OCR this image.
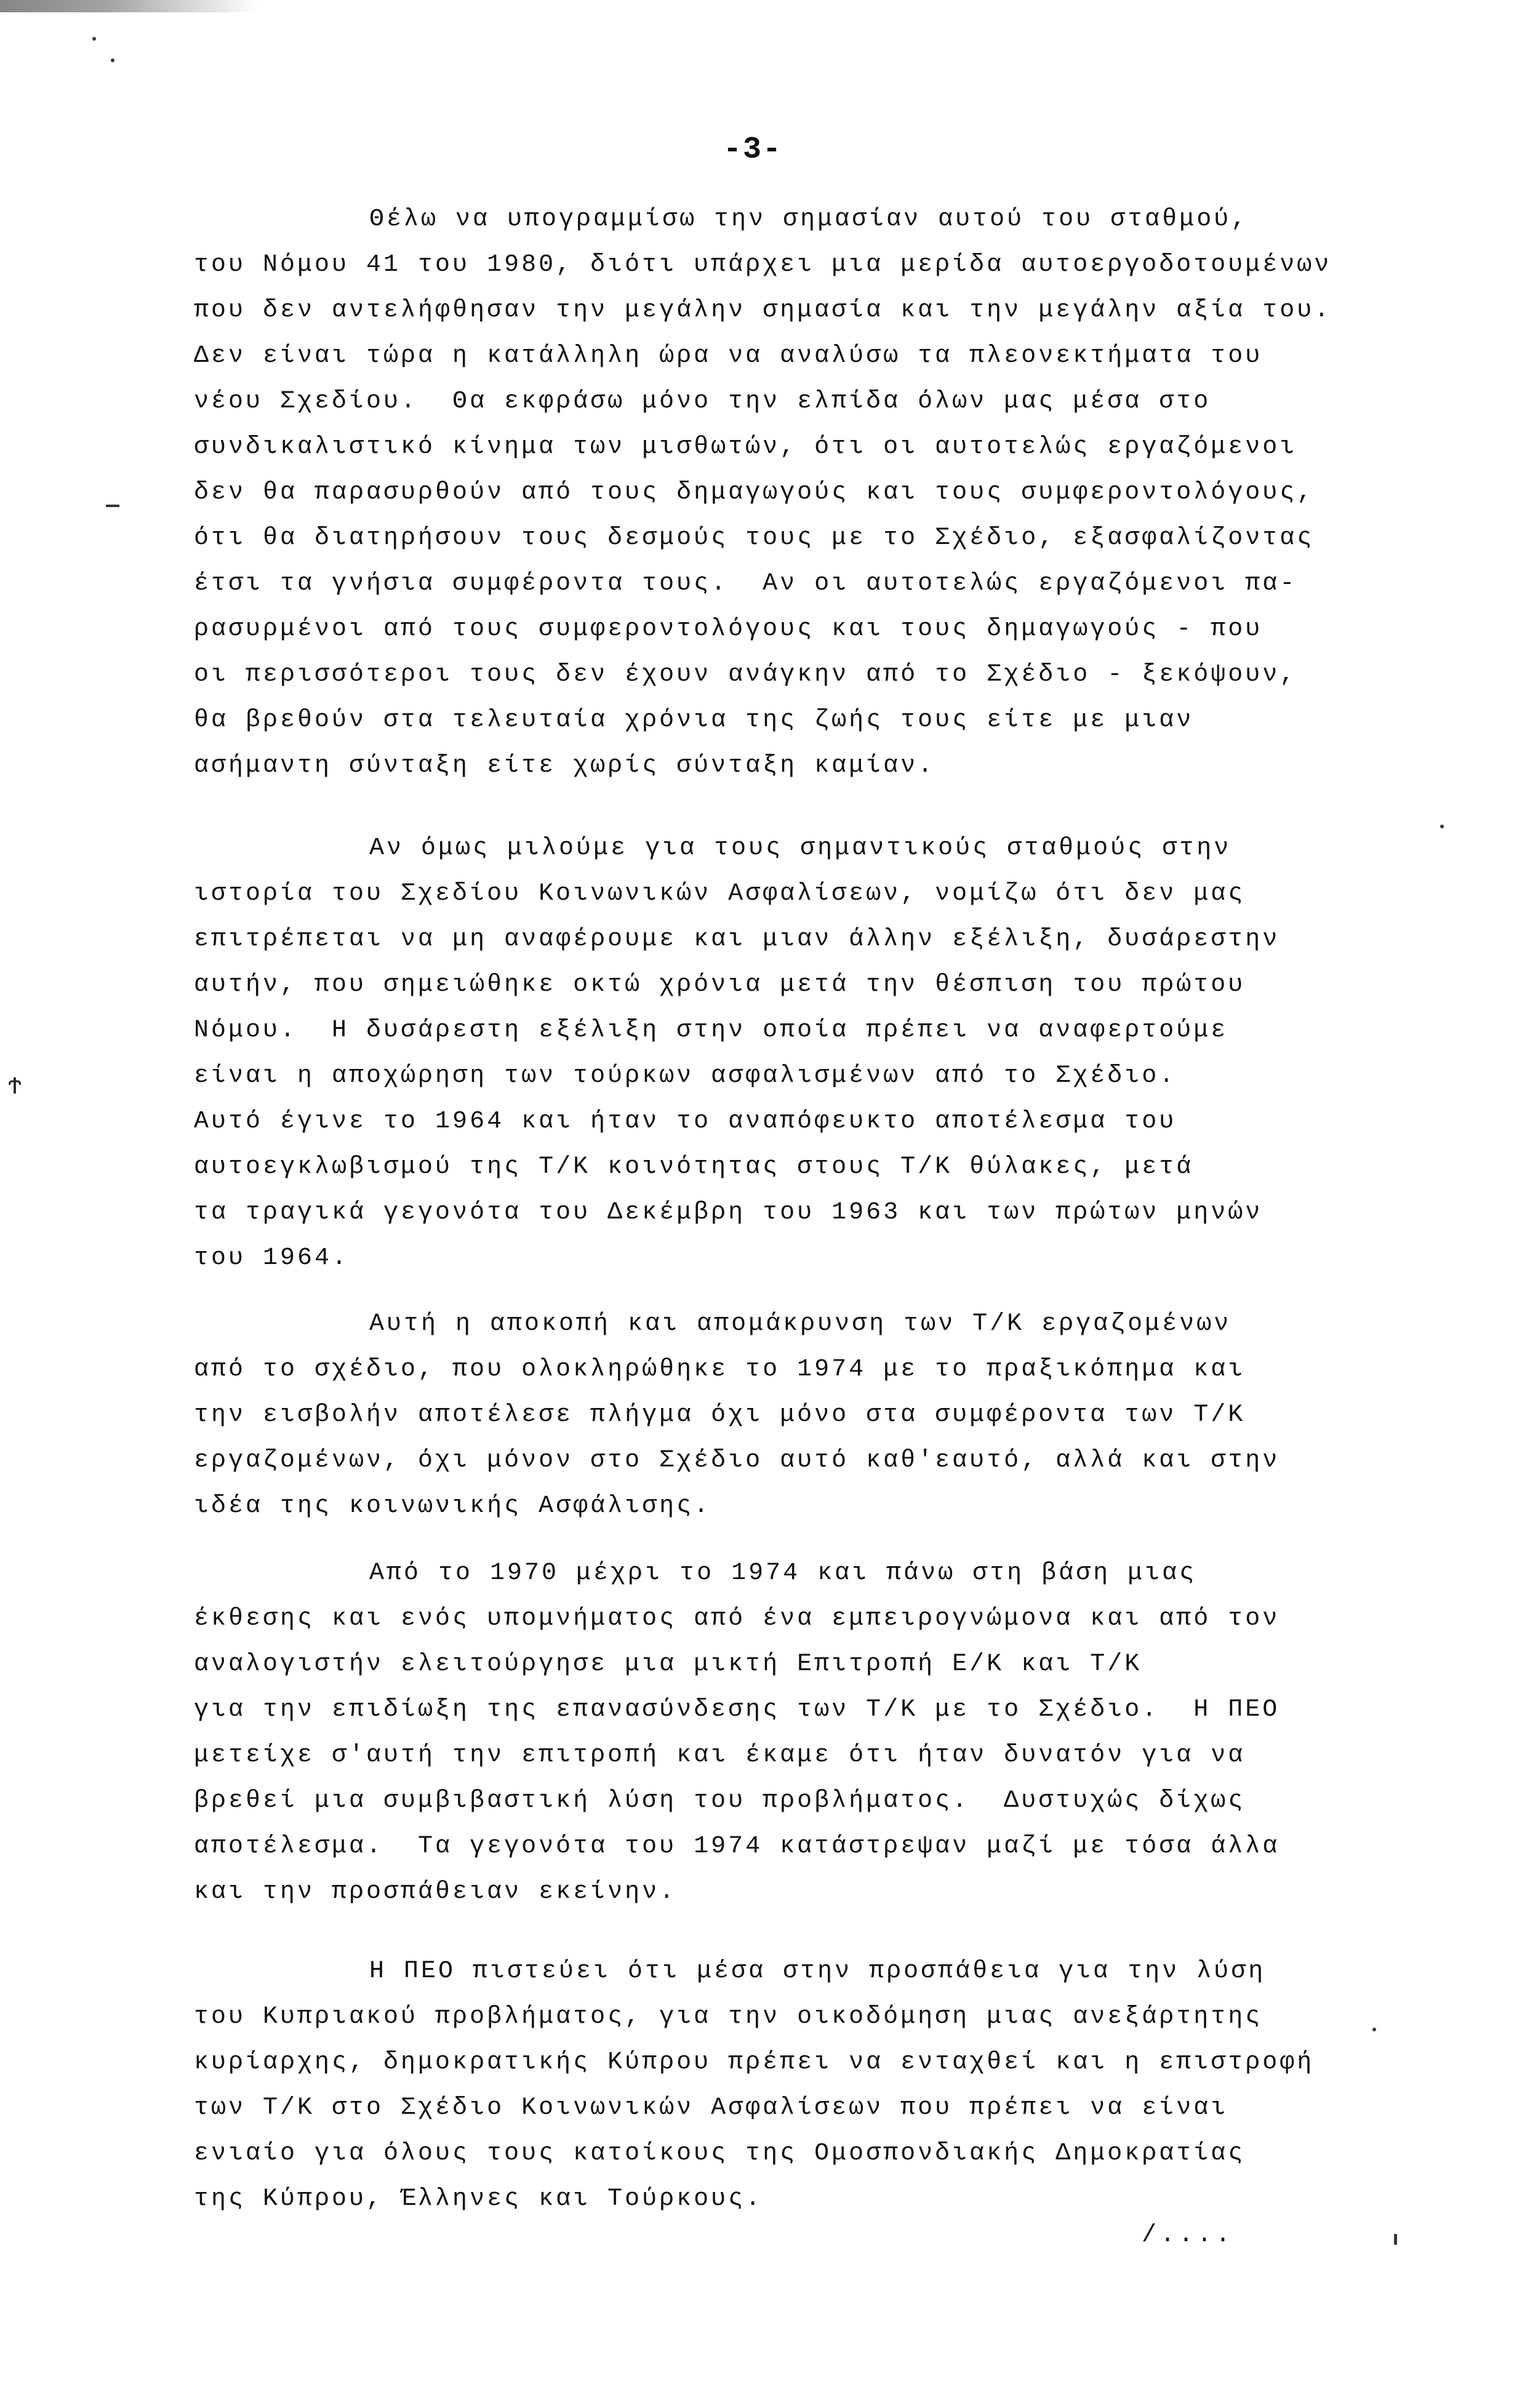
Ϯ
-3-
Θέλω να υπογραμμίσω την σημασίαν αυτού του σταθμού,
του Νόμου 41 του 1980, διότι υπάρχει μια μερίδα αυτοεργοδοτουμένων
που δεν αντελήφθησαν την μεγάλην σημασία και την μεγάλην αξία του.
Δεν είναι τώρα η κατάλληλη ώρα να αναλύσω τα πλεονεκτήματα του
νέου Σχεδίου.  Θα εκφράσω μόνο την ελπίδα όλων μας μέσα στο
συνδικαλιστικό κίνημα των μισθωτών, ότι οι αυτοτελώς εργαζόμενοι
δεν θα παρασυρθούν από τους δημαγωγούς και τους συμφεροντολόγους,
ότι θα διατηρήσουν τους δεσμούς τους με το Σχέδιο, εξασφαλίζοντας
έτσι τα γνήσια συμφέροντα τους.  Αν οι αυτοτελώς εργαζόμενοι πα-
ρασυρμένοι από τους συμφεροντολόγους και τους δημαγωγούς - που
οι περισσότεροι τους δεν έχουν ανάγκην από το Σχέδιο - ξεκόψουν,
θα βρεθούν στα τελευταία χρόνια της ζωής τους είτε με μιαν
ασήμαντη σύνταξη είτε χωρίς σύνταξη καμίαν.
Αν όμως μιλούμε για τους σημαντικούς σταθμούς στην
ιστορία του Σχεδίου Κοινωνικών Ασφαλίσεων, νομίζω ότι δεν μας
επιτρέπεται να μη αναφέρουμε και μιαν άλλην εξέλιξη, δυσάρεστην
αυτήν, που σημειώθηκε οκτώ χρόνια μετά την θέσπιση του πρώτου
Νόμου.  Η δυσάρεστη εξέλιξη στην οποία πρέπει να αναφερτούμε
είναι η αποχώρηση των τούρκων ασφαλισμένων από το Σχέδιο.
Αυτό έγινε το 1964 και ήταν το αναπόφευκτο αποτέλεσμα του
αυτοεγκλωβισμού της Τ/Κ κοινότητας στους Τ/Κ θύλακες, μετά
τα τραγικά γεγονότα του Δεκέμβρη του 1963 και των πρώτων μηνών
του 1964.
Αυτή η αποκοπή και απομάκρυνση των Τ/Κ εργαζομένων
από το σχέδιο, που ολοκληρώθηκε το 1974 με το πραξικόπημα και
την εισβολήν αποτέλεσε πλήγμα όχι μόνο στα συμφέροντα των Τ/Κ
εργαζομένων, όχι μόνον στο Σχέδιο αυτό καθ'εαυτό, αλλά και στην
ιδέα της κοινωνικής Ασφάλισης.
Από το 1970 μέχρι το 1974 και πάνω στη βάση μιας
έκθεσης και ενός υπομνήματος από ένα εμπειρογνώμονα και από τον
αναλογιστήν ελειτούργησε μια μικτή Επιτροπή Ε/Κ και Τ/Κ
για την επιδίωξη της επανασύνδεσης των Τ/Κ με το Σχέδιο.  Η ΠΕΟ
μετείχε σ'αυτή την επιτροπή και έκαμε ότι ήταν δυνατόν για να
βρεθεί μια συμβιβαστική λύση του προβλήματος.  Δυστυχώς δίχως
αποτέλεσμα.  Τα γεγονότα του 1974 κατάστρεψαν μαζί με τόσα άλλα
και την προσπάθειαν εκείνην.
Η ΠΕΟ πιστεύει ότι μέσα στην προσπάθεια για την λύση
του Κυπριακού προβλήματος, για την οικοδόμηση μιας ανεξάρτητης
κυρίαρχης, δημοκρατικής Κύπρου πρέπει να ενταχθεί και η επιστροφή
των Τ/Κ στο Σχέδιο Κοινωνικών Ασφαλίσεων που πρέπει να είναι
ενιαίο για όλους τους κατοίκους της Ομοσπονδιακής Δημοκρατίας
της Κύπρου, Έλληνες και Τούρκους.
/....
